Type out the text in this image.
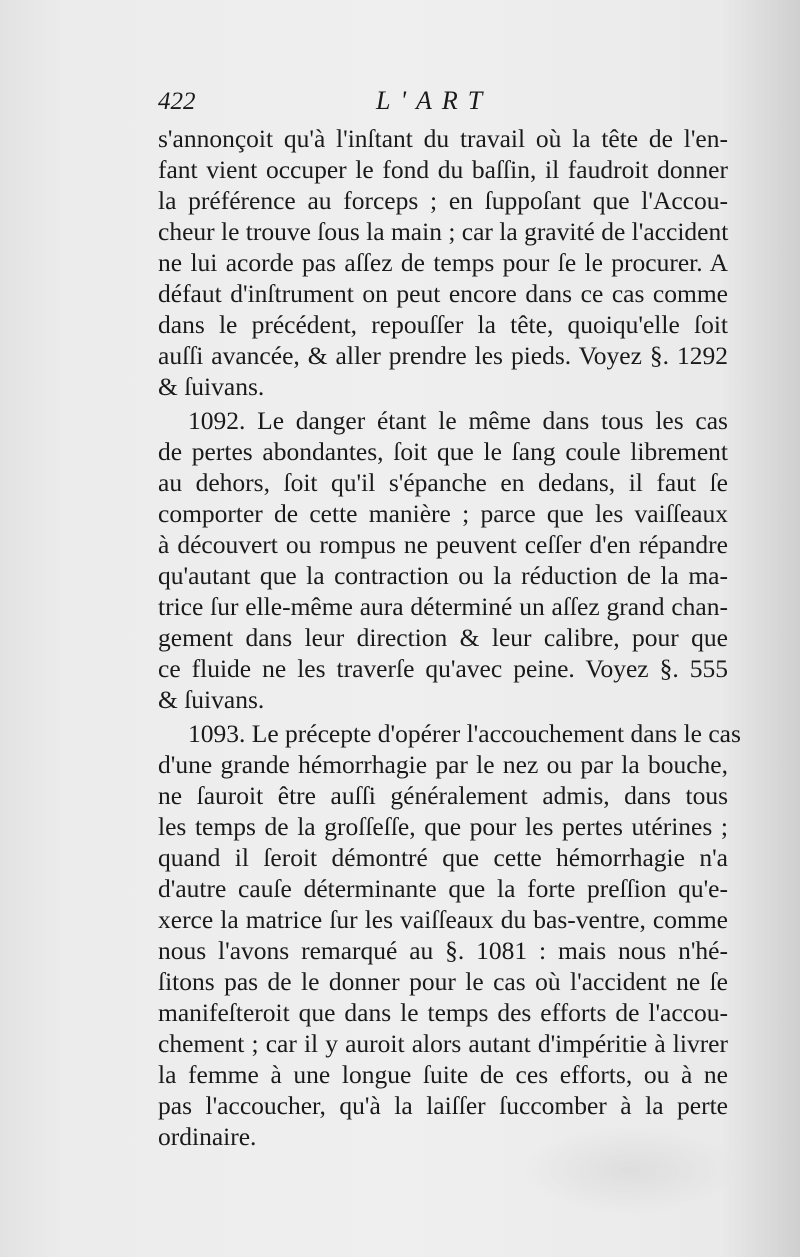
422	L'ART
s'annonçoit qu'à l'inſtant du travail où la tête de l'en-
fant vient occuper le fond du baſſin, il faudroit donner
la préférence au forceps ; en ſuppoſant que l'Accou-
cheur le trouve ſous la main ; car la gravité de l'accident
ne lui acorde pas aſſez de temps pour ſe le procurer. A
défaut d'inſtrument on peut encore dans ce cas comme
dans le précédent, repouſſer la tête, quoiqu'elle ſoit
auſſi avancée, & aller prendre les pieds. Voyez §. 1292
& ſuivans.
1092. Le danger étant le même dans tous les cas
de pertes abondantes, ſoit que le ſang coule librement
au dehors, ſoit qu'il s'épanche en dedans, il faut ſe
comporter de cette manière ; parce que les vaiſſeaux
à découvert ou rompus ne peuvent ceſſer d'en répandre
qu'autant que la contraction ou la réduction de la ma-
trice ſur elle-même aura déterminé un aſſez grand chan-
gement dans leur direction & leur calibre, pour que
ce fluide ne les traverſe qu'avec peine. Voyez §. 555
& ſuivans.
1093. Le précepte d'opérer l'accouchement dans le cas
d'une grande hémorrhagie par le nez ou par la bouche,
ne ſauroit être auſſi généralement admis, dans tous
les temps de la groſſeſſe, que pour les pertes utérines ;
quand il ſeroit démontré que cette hémorrhagie n'a
d'autre cauſe déterminante que la forte preſſion qu'e-
xerce la matrice ſur les vaiſſeaux du bas-ventre, comme
nous l'avons remarqué au §. 1081 : mais nous n'hé-
ſitons pas de le donner pour le cas où l'accident ne ſe
manifeſteroit que dans le temps des efforts de l'accou-
chement ; car il y auroit alors autant d'impéritie à livrer
la femme à une longue ſuite de ces efforts, ou à ne
pas l'accoucher, qu'à la laiſſer ſuccomber à la perte
ordinaire.
